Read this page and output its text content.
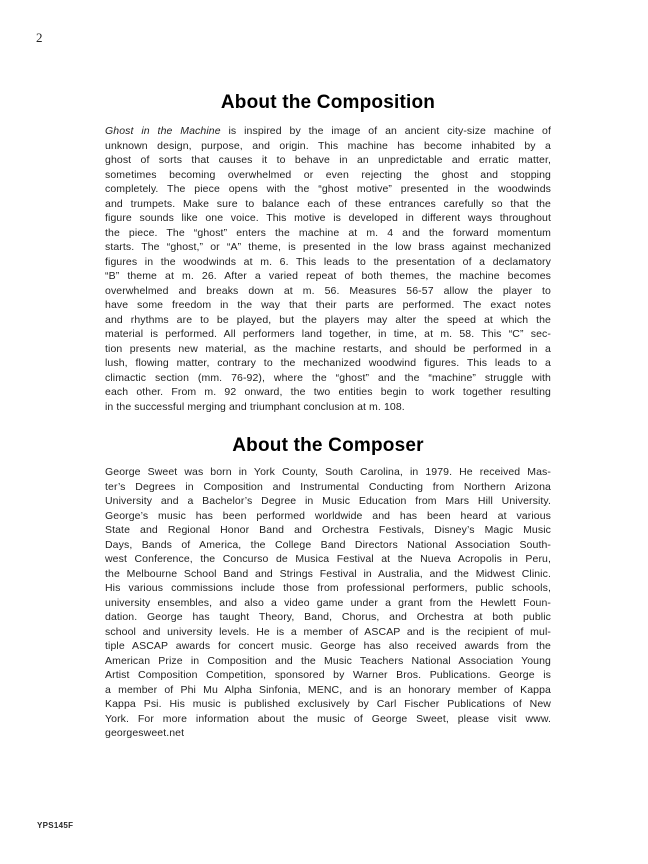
2
About the Composition
Ghost in the Machine is inspired by the image of an ancient city-size machine of
unknown design, purpose, and origin. This machine has become inhabited by a
ghost of sorts that causes it to behave in an unpredictable and erratic matter,
sometimes becoming overwhelmed or even rejecting the ghost and stopping
completely. The piece opens with the “ghost motive” presented in the woodwinds
and trumpets. Make sure to balance each of these entrances carefully so that the
figure sounds like one voice. This motive is developed in different ways throughout
the piece. The “ghost” enters the machine at m. 4 and the forward momentum
starts. The “ghost,” or “A” theme, is presented in the low brass against mechanized
figures in the woodwinds at m. 6. This leads to the presentation of a declamatory
“B” theme at m. 26. After a varied repeat of both themes, the machine becomes
overwhelmed and breaks down at m. 56. Measures 56-57 allow the player to
have some freedom in the way that their parts are performed. The exact notes
and rhythms are to be played, but the players may alter the speed at which the
material is performed. All performers land together, in time, at m. 58. This “C” sec-
tion presents new material, as the machine restarts, and should be performed in a
lush, flowing matter, contrary to the mechanized woodwind figures. This leads to a
climactic section (mm. 76-92), where the “ghost” and the “machine” struggle with
each other. From m. 92 onward, the two entities begin to work together resulting
in the successful merging and triumphant conclusion at m. 108.
About the Composer
George Sweet was born in York County, South Carolina, in 1979. He received Mas-
ter’s Degrees in Composition and Instrumental Conducting from Northern Arizona
University and a Bachelor’s Degree in Music Education from Mars Hill University.
George’s music has been performed worldwide and has been heard at various
State and Regional Honor Band and Orchestra Festivals, Disney’s Magic Music
Days, Bands of America, the College Band Directors National Association South-
west Conference, the Concurso de Musica Festival at the Nueva Acropolis in Peru,
the Melbourne School Band and Strings Festival in Australia, and the Midwest Clinic.
His various commissions include those from professional performers, public schools,
university ensembles, and also a video game under a grant from the Hewlett Foun-
dation. George has taught Theory, Band, Chorus, and Orchestra at both public
school and university levels. He is a member of ASCAP and is the recipient of mul-
tiple ASCAP awards for concert music. George has also received awards from the
American Prize in Composition and the Music Teachers National Association Young
Artist Composition Competition, sponsored by Warner Bros. Publications. George is
a member of Phi Mu Alpha Sinfonia, MENC, and is an honorary member of Kappa
Kappa Psi. His music is published exclusively by Carl Fischer Publications of New
York. For more information about the music of George Sweet, please visit www.
georgesweet.net
YPS145F
